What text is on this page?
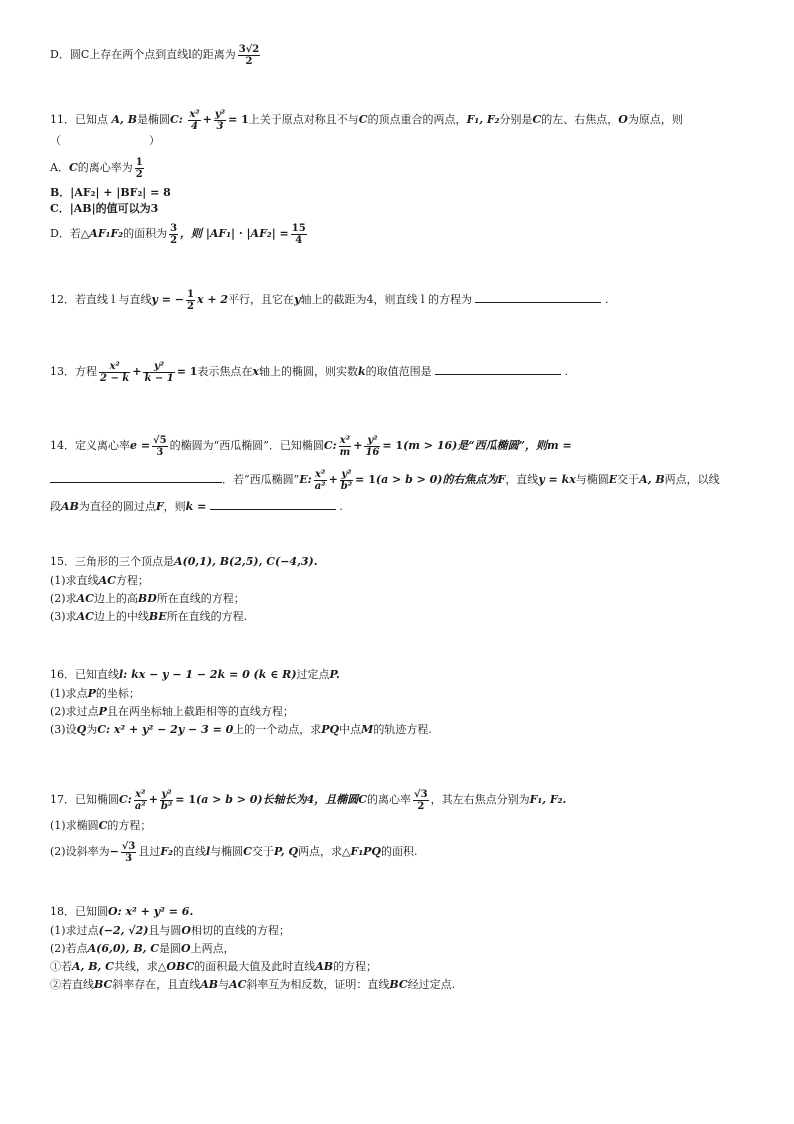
D．圆C上存在两个点到直线l的距离为 $\frac{3√2}{2}$
11．已知点 A, B是椭圆C: $\frac{\text{x²}}{4} + \frac{\text{y²}}{3} = 1$上关于原点对称且不与C的顶点重合的两点，F₁, F₂分别是C的左、右焦点，O为原点，则
（　　　　　　　　）
A．C的离心率为 $\frac{1}{2}$
B．|AF₂| + |BF₂| = 8
C．|AB|的值可以为3
D．若△AF₁F₂的面积为 $\frac{3}{2}$ ，则 $|AF_1| \cdot |AF_2| = \frac{15}{4}$
12．若直线 l 与直线y = − $\frac{1}{2}$ x + 2平行，且它在y轴上的截距为4，则直线 l 的方程为	.
13．方程 $\frac{\text{x²}}{2 - k} + \frac{\text{y²}}{k - 1} = 1$表示焦点在x轴上的椭圆，则实数k的取值范围是	.
14．定义离心率$e = \frac{√5}{3}$ 的椭圆为“西瓜椭圆”．已知椭圆C: $\frac{\text{x²}}{m} + \frac{\text{y²}}{16} = 1(m > 16)$是“西瓜椭圆”，则m =
．若“西瓜椭圆”E: $\frac{\text{x²}}{\text{a²}} + \frac{\text{y²}}{\text{b²}} = 1(a > b > 0)$的右焦点为F，直线y = kx与椭圆E交于A, B两点，以线
段AB为直径的圆过点F，则k =	.
15．三角形的三个顶点是A(0,1), B(2,5), C(−4,3).
(1)求直线AC方程；
(2)求AC边上的高BD所在直线的方程；
(3)求AC边上的中线BE所在直线的方程.
16．已知直线l: kx − y − 1 − 2k = 0 (k ∈ R)过定点P.
(1)求点P的坐标；
(2)求过点P且在两坐标轴上截距相等的直线方程；
(3)设Q为C: x² + y² − 2y − 3 = 0上的一个动点，求PQ中点M的轨迹方程.
17．已知椭圆C: $\frac{\text{x²}}{\text{a²}} + \frac{\text{y²}}{\text{b²}} = 1(a > b > 0)$长轴长为4，且椭圆C的离心率 $\frac{√3}{2}$ ，其左右焦点分别为F₁, F₂.
(1)求椭圆C的方程；
(2)设斜率为− $\frac{√3}{3}$ 且过F₂的直线l与椭圆C交于P, Q两点，求△F₁PQ的面积.
18．已知圆O: x² + y² = 6.
(1)求过点(−2, √2)且与圆O相切的直线的方程；
(2)若点A(6,0), B, C是圆O上两点，
①若A, B, C共线，求△OBC的面积最大值及此时直线AB的方程；
②若直线BC斜率存在，且直线AB与AC斜率互为相反数，证明：直线BC经过定点.
